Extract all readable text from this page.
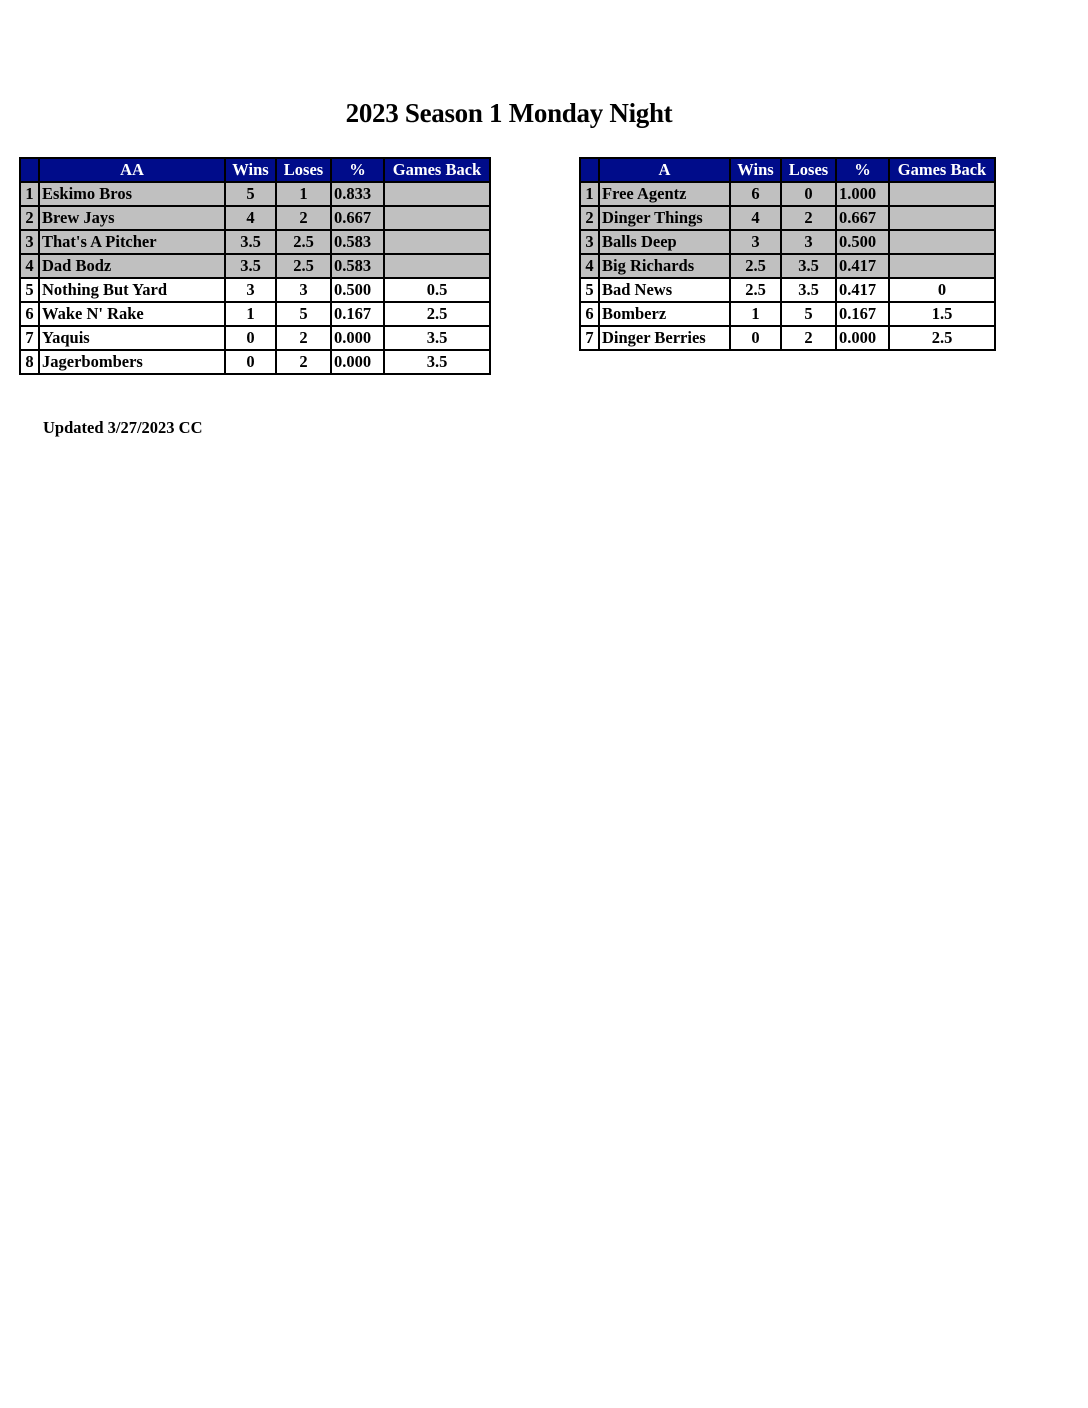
2023 Season 1 Monday Night
	AA	Wins	Loses	%	Games Back
1	Eskimo Bros	5	1	0.833	
2	Brew Jays	4	2	0.667	
3	That's A Pitcher	3.5	2.5	0.583	
4	Dad Bodz	3.5	2.5	0.583	
5	Nothing But Yard	3	3	0.500	0.5
6	Wake N' Rake	1	5	0.167	2.5
7	Yaquis	0	2	0.000	3.5
8	Jagerbombers	0	2	0.000	3.5
	A	Wins	Loses	%	Games Back
1	Free Agentz	6	0	1.000	
2	Dinger Things	4	2	0.667	
3	Balls Deep	3	3	0.500	
4	Big Richards	2.5	3.5	0.417	
5	Bad News	2.5	3.5	0.417	0
6	Bomberz	1	5	0.167	1.5
7	Dinger Berries	0	2	0.000	2.5
Updated 3/27/2023 CC
